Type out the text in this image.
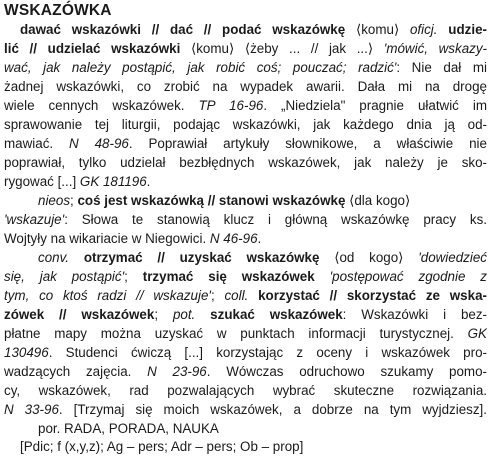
WSKAZÓWKA
dawać wskazówki // dać // podać wskazówkę ⟨komu⟩ oficj. udzie-
lić // udzielać wskazówki ⟨komu⟩ ⟨żeby ... // jak ...⟩ 'mówić, wskazy-
wać, jak należy postąpić, jak robić coś; pouczać; radzić': Nie dał mi
żadnej wskazówki, co zrobić na wypadek awarii. Dała mi na drogę
wiele cennych wskazówek. TP 16-96. „Niedziela" pragnie ułatwić im
sprawowanie tej liturgii, podając wskazówki, jak każdego dnia ją od-
mawiać. N 48-96. Poprawiał artykuły słownikowe, a właściwie nie
poprawiał, tylko udzielał bezbłędnych wskazówek, jak należy je sko-
rygować [...] GK 181196.
nieos; coś jest wskazówką // stanowi wskazówkę ⟨dla kogo⟩
'wskazuje': Słowa te stanowią klucz i główną wskazówkę pracy ks.
Wojtyły na wikariacie w Niegowici. N 46-96.
conv. otrzymać // uzyskać wskazówkę ⟨od kogo⟩ 'dowiedzieć
się, jak postąpić'; trzymać się wskazówek 'postępować zgodnie z
tym, co ktoś radzi // wskazuje'; coll. korzystać // skorzystać ze wska-
zówek // wskazówek; pot. szukać wskazówek: Wskazówki i bez-
płatne mapy można uzyskać w punktach informacji turystycznej. GK
130496. Studenci ćwiczą [...] korzystając z oceny i wskazówek pro-
wadzących zajęcia. N 23-96. Wówczas odruchowo szukamy pomo-
cy, wskazówek, rad pozwalających wybrać skuteczne rozwiązania.
N 33-96. [Trzymaj się moich wskazówek, a dobrze na tym wyjdziesz].
por. RADA, PORADA, NAUKA
[Pdic; f (x,y,z); Ag – pers; Adr – pers; Ob – prop]
